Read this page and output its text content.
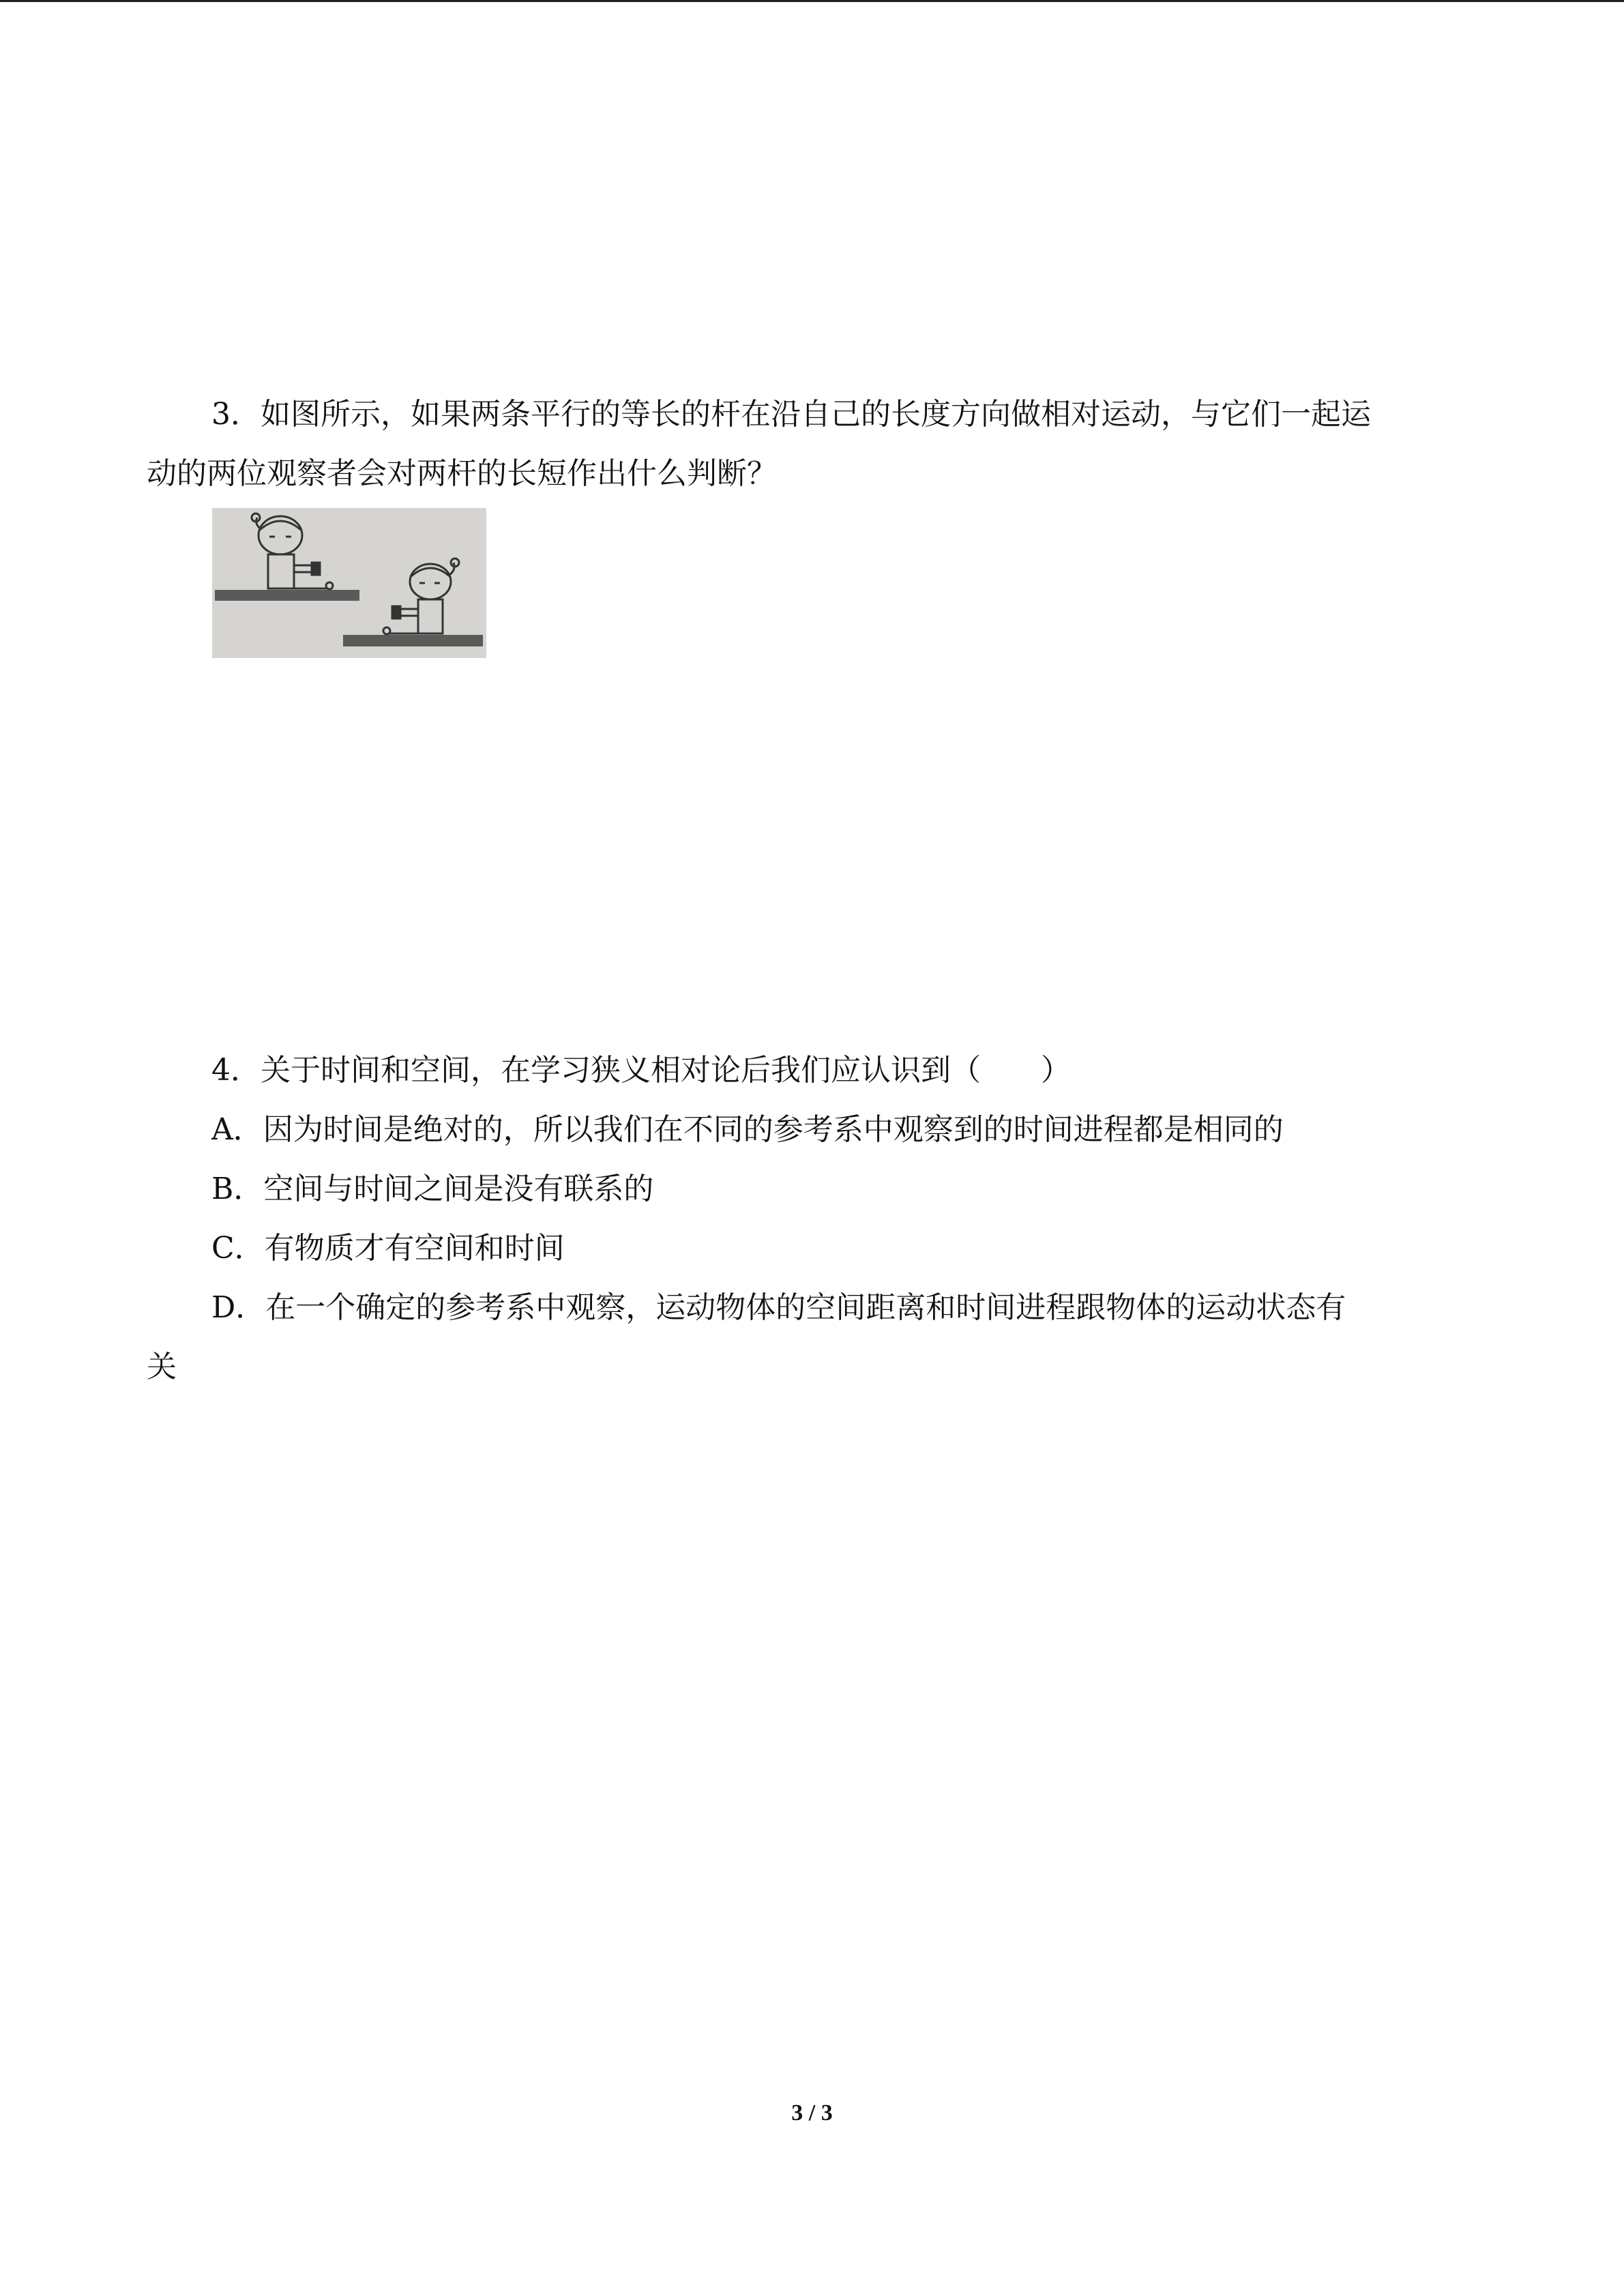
3．如图所示，如果两条平行的等长的杆在沿自己的长度方向做相对运动，与它们一起运
动的两位观察者会对两杆的长短作出什么判断？
4．关于时间和空间，在学习狭义相对论后我们应认识到（　　）
A．因为时间是绝对的，所以我们在不同的参考系中观察到的时间进程都是相同的
B．空间与时间之间是没有联系的
C．有物质才有空间和时间
D．在一个确定的参考系中观察，运动物体的空间距离和时间进程跟物体的运动状态有
关
3 / 3
